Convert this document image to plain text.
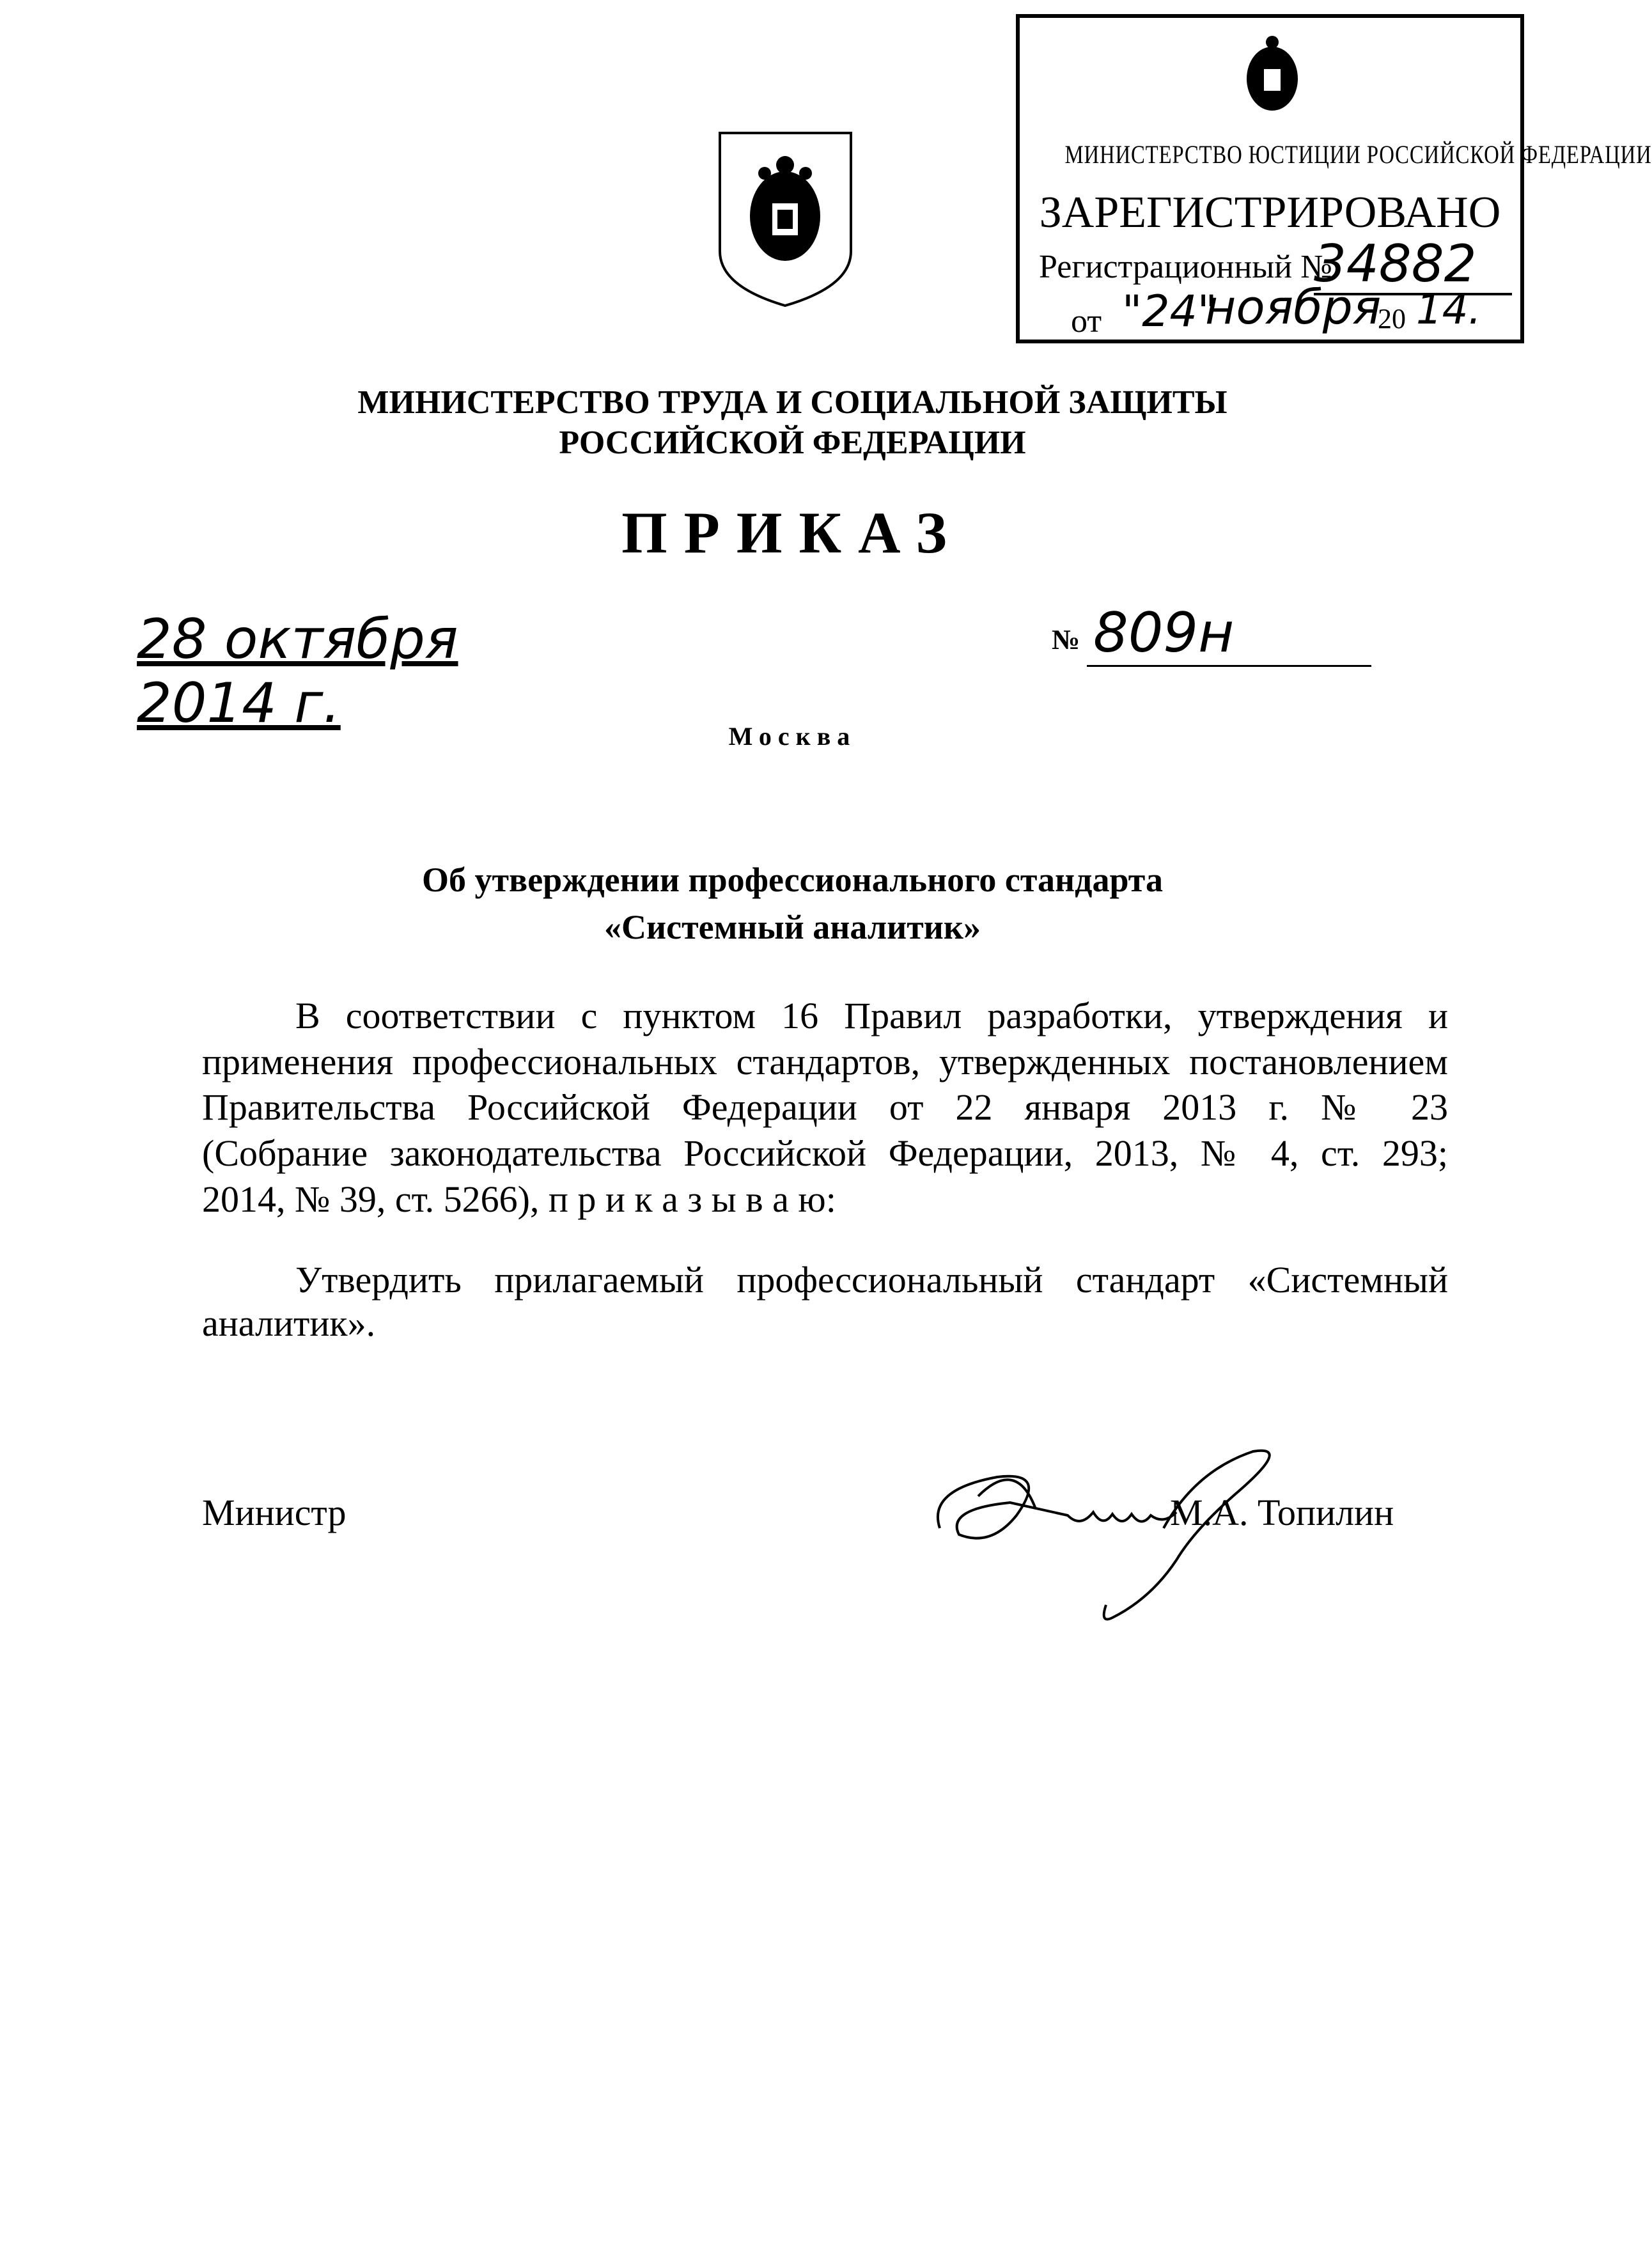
МИНИСТЕРСТВО ЮСТИЦИИ РОССИЙСКОЙ ФЕДЕРАЦИИ
ЗАРЕГИСТРИРОВАНО
Регистрационный №
34882
от "24"
ноября
20 14.
МИНИСТЕРСТВО ТРУДА И СОЦИАЛЬНОЙ ЗАЩИТЫ
РОССИЙСКОЙ ФЕДЕРАЦИИ
ПРИКАЗ
28 октября 2014 г.
№ 809н
Москва
Об утверждении профессионального стандарта
«Системный аналитик»
В соответствии с пунктом 16 Правил разработки, утверждения и
применения профессиональных стандартов, утвержденных постановлением
Правительства Российской Федерации от 22 января 2013 г. № 23
(Собрание законодательства Российской Федерации, 2013, № 4, ст. 293;
2014, № 39, ст. 5266), п р и к а з ы в а ю:
Утвердить прилагаемый профессиональный стандарт «Системный
аналитик».
Министр	М.А. Топилин
